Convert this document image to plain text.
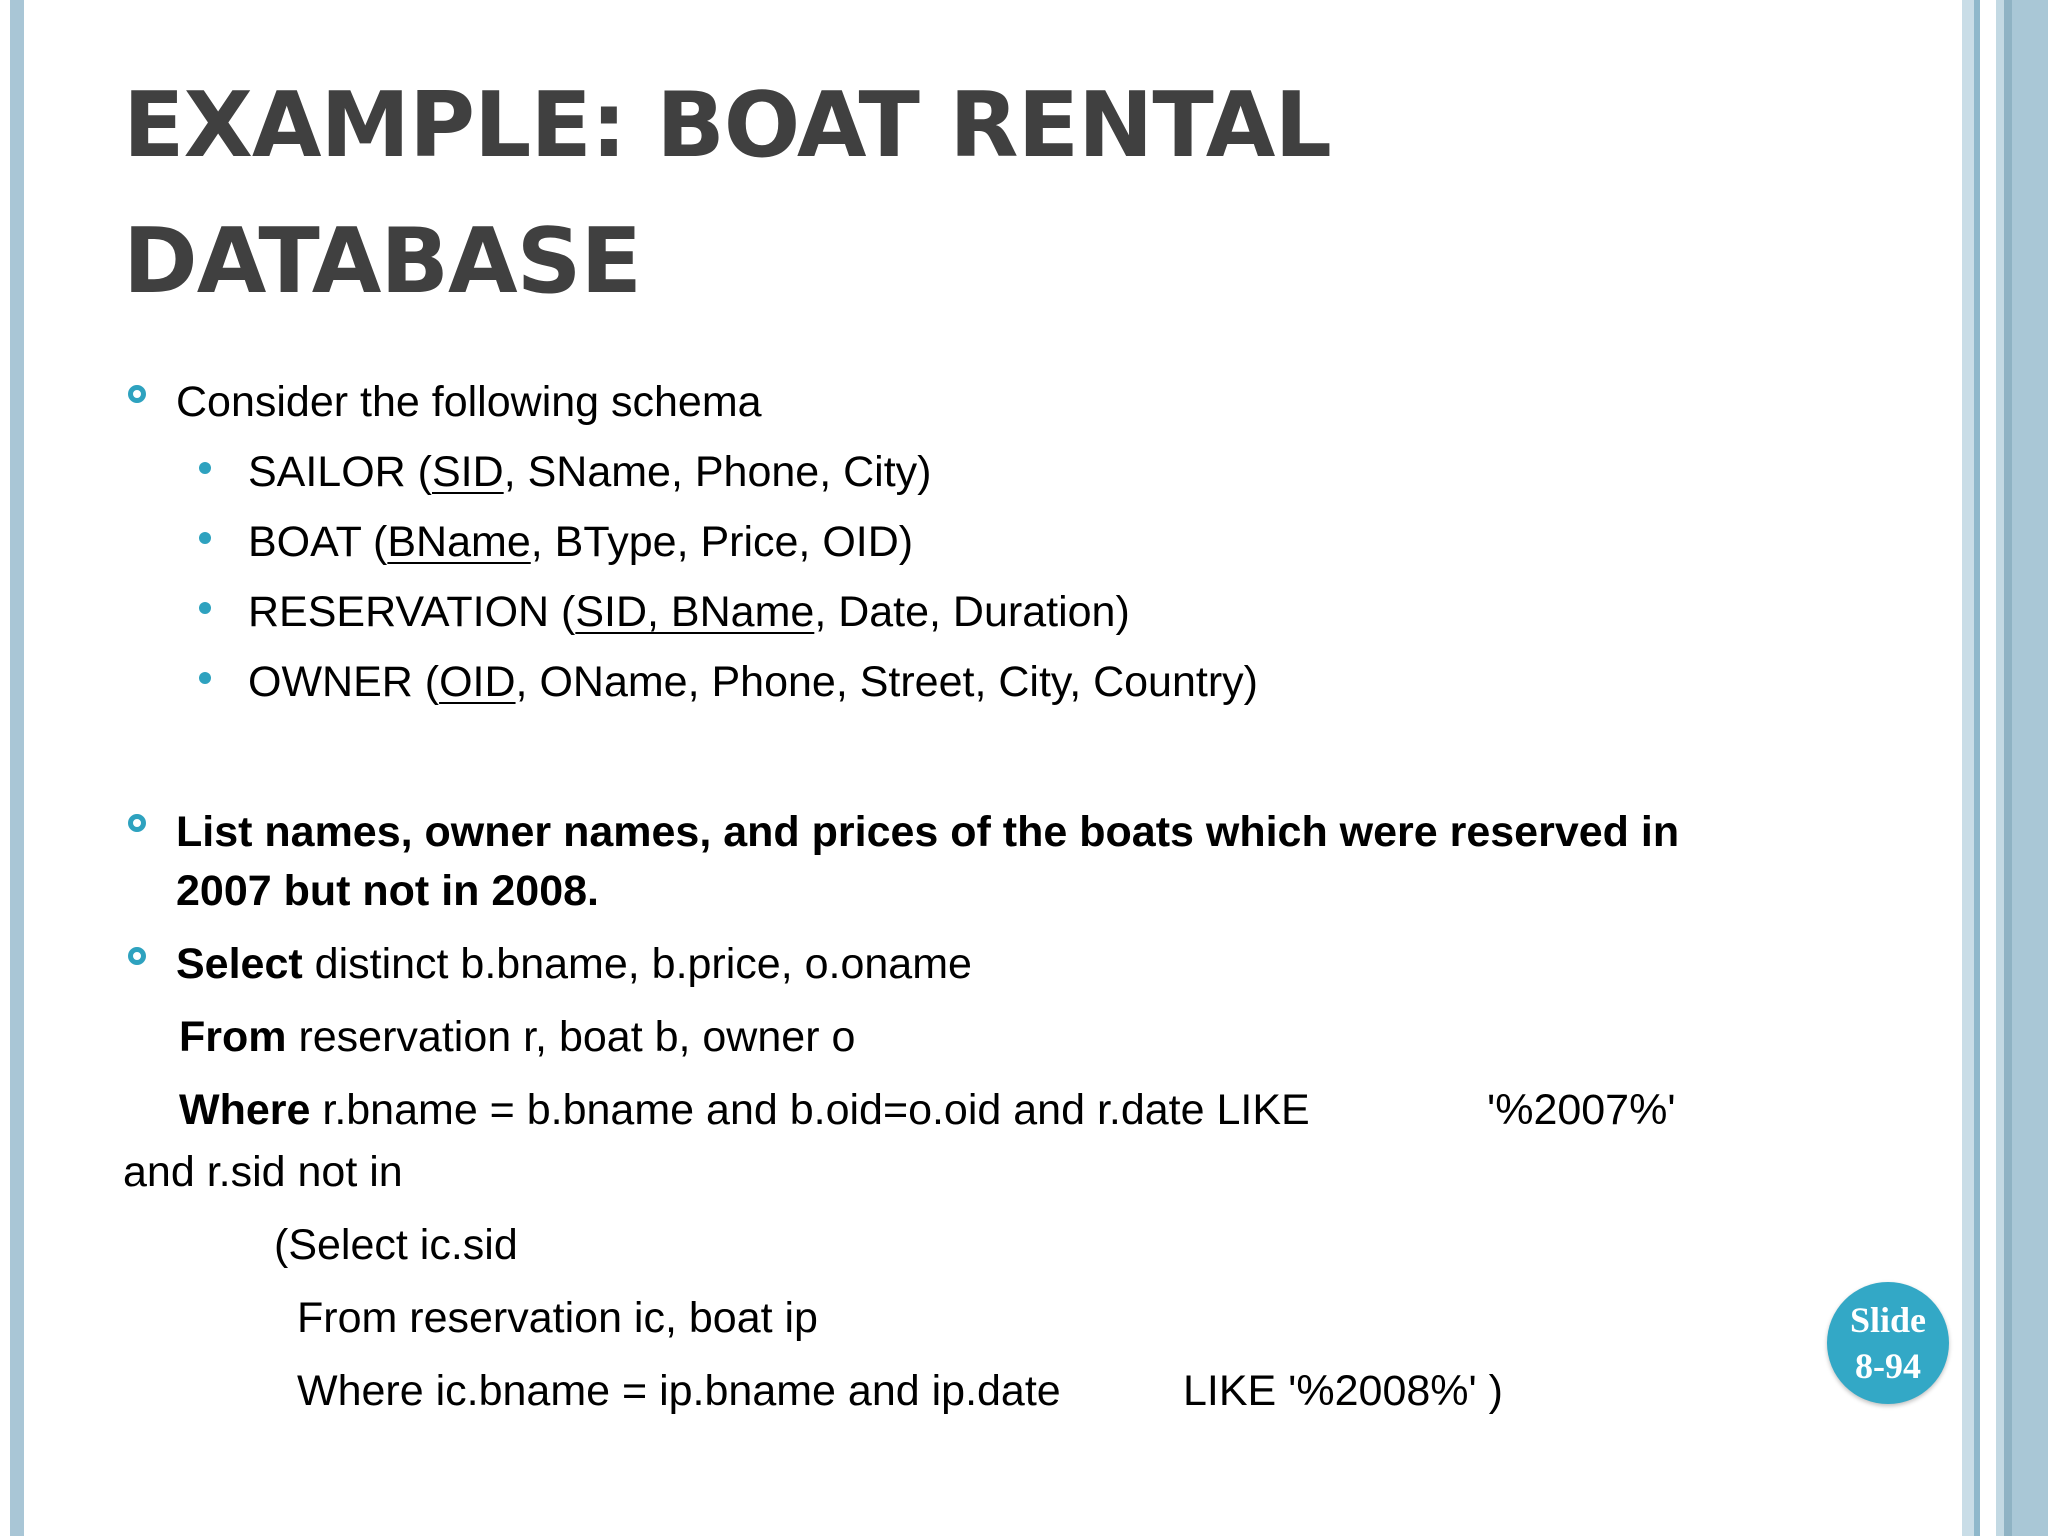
EXAMPLE: BOAT RENTAL
DATABASE
Consider the following schema
SAILOR (SID, SName, Phone, City)
BOAT (BName, BType, Price, OID)
RESERVATION (SID, BName, Date, Duration)
OWNER (OID, OName, Phone, Street, City, Country)
List names, owner names, and prices of the boats which were reserved in
2007 but not in 2008.
Select distinct b.bname, b.price, o.oname
From reservation r, boat b, owner o
Where r.bname = b.bname and b.oid=o.oid and r.date LIKE	'%2007%'
and r.sid not in
(Select ic.sid
From reservation ic, boat ip
Where ic.bname = ip.bname and ip.date	LIKE '%2008%' )
Slide
8-94
